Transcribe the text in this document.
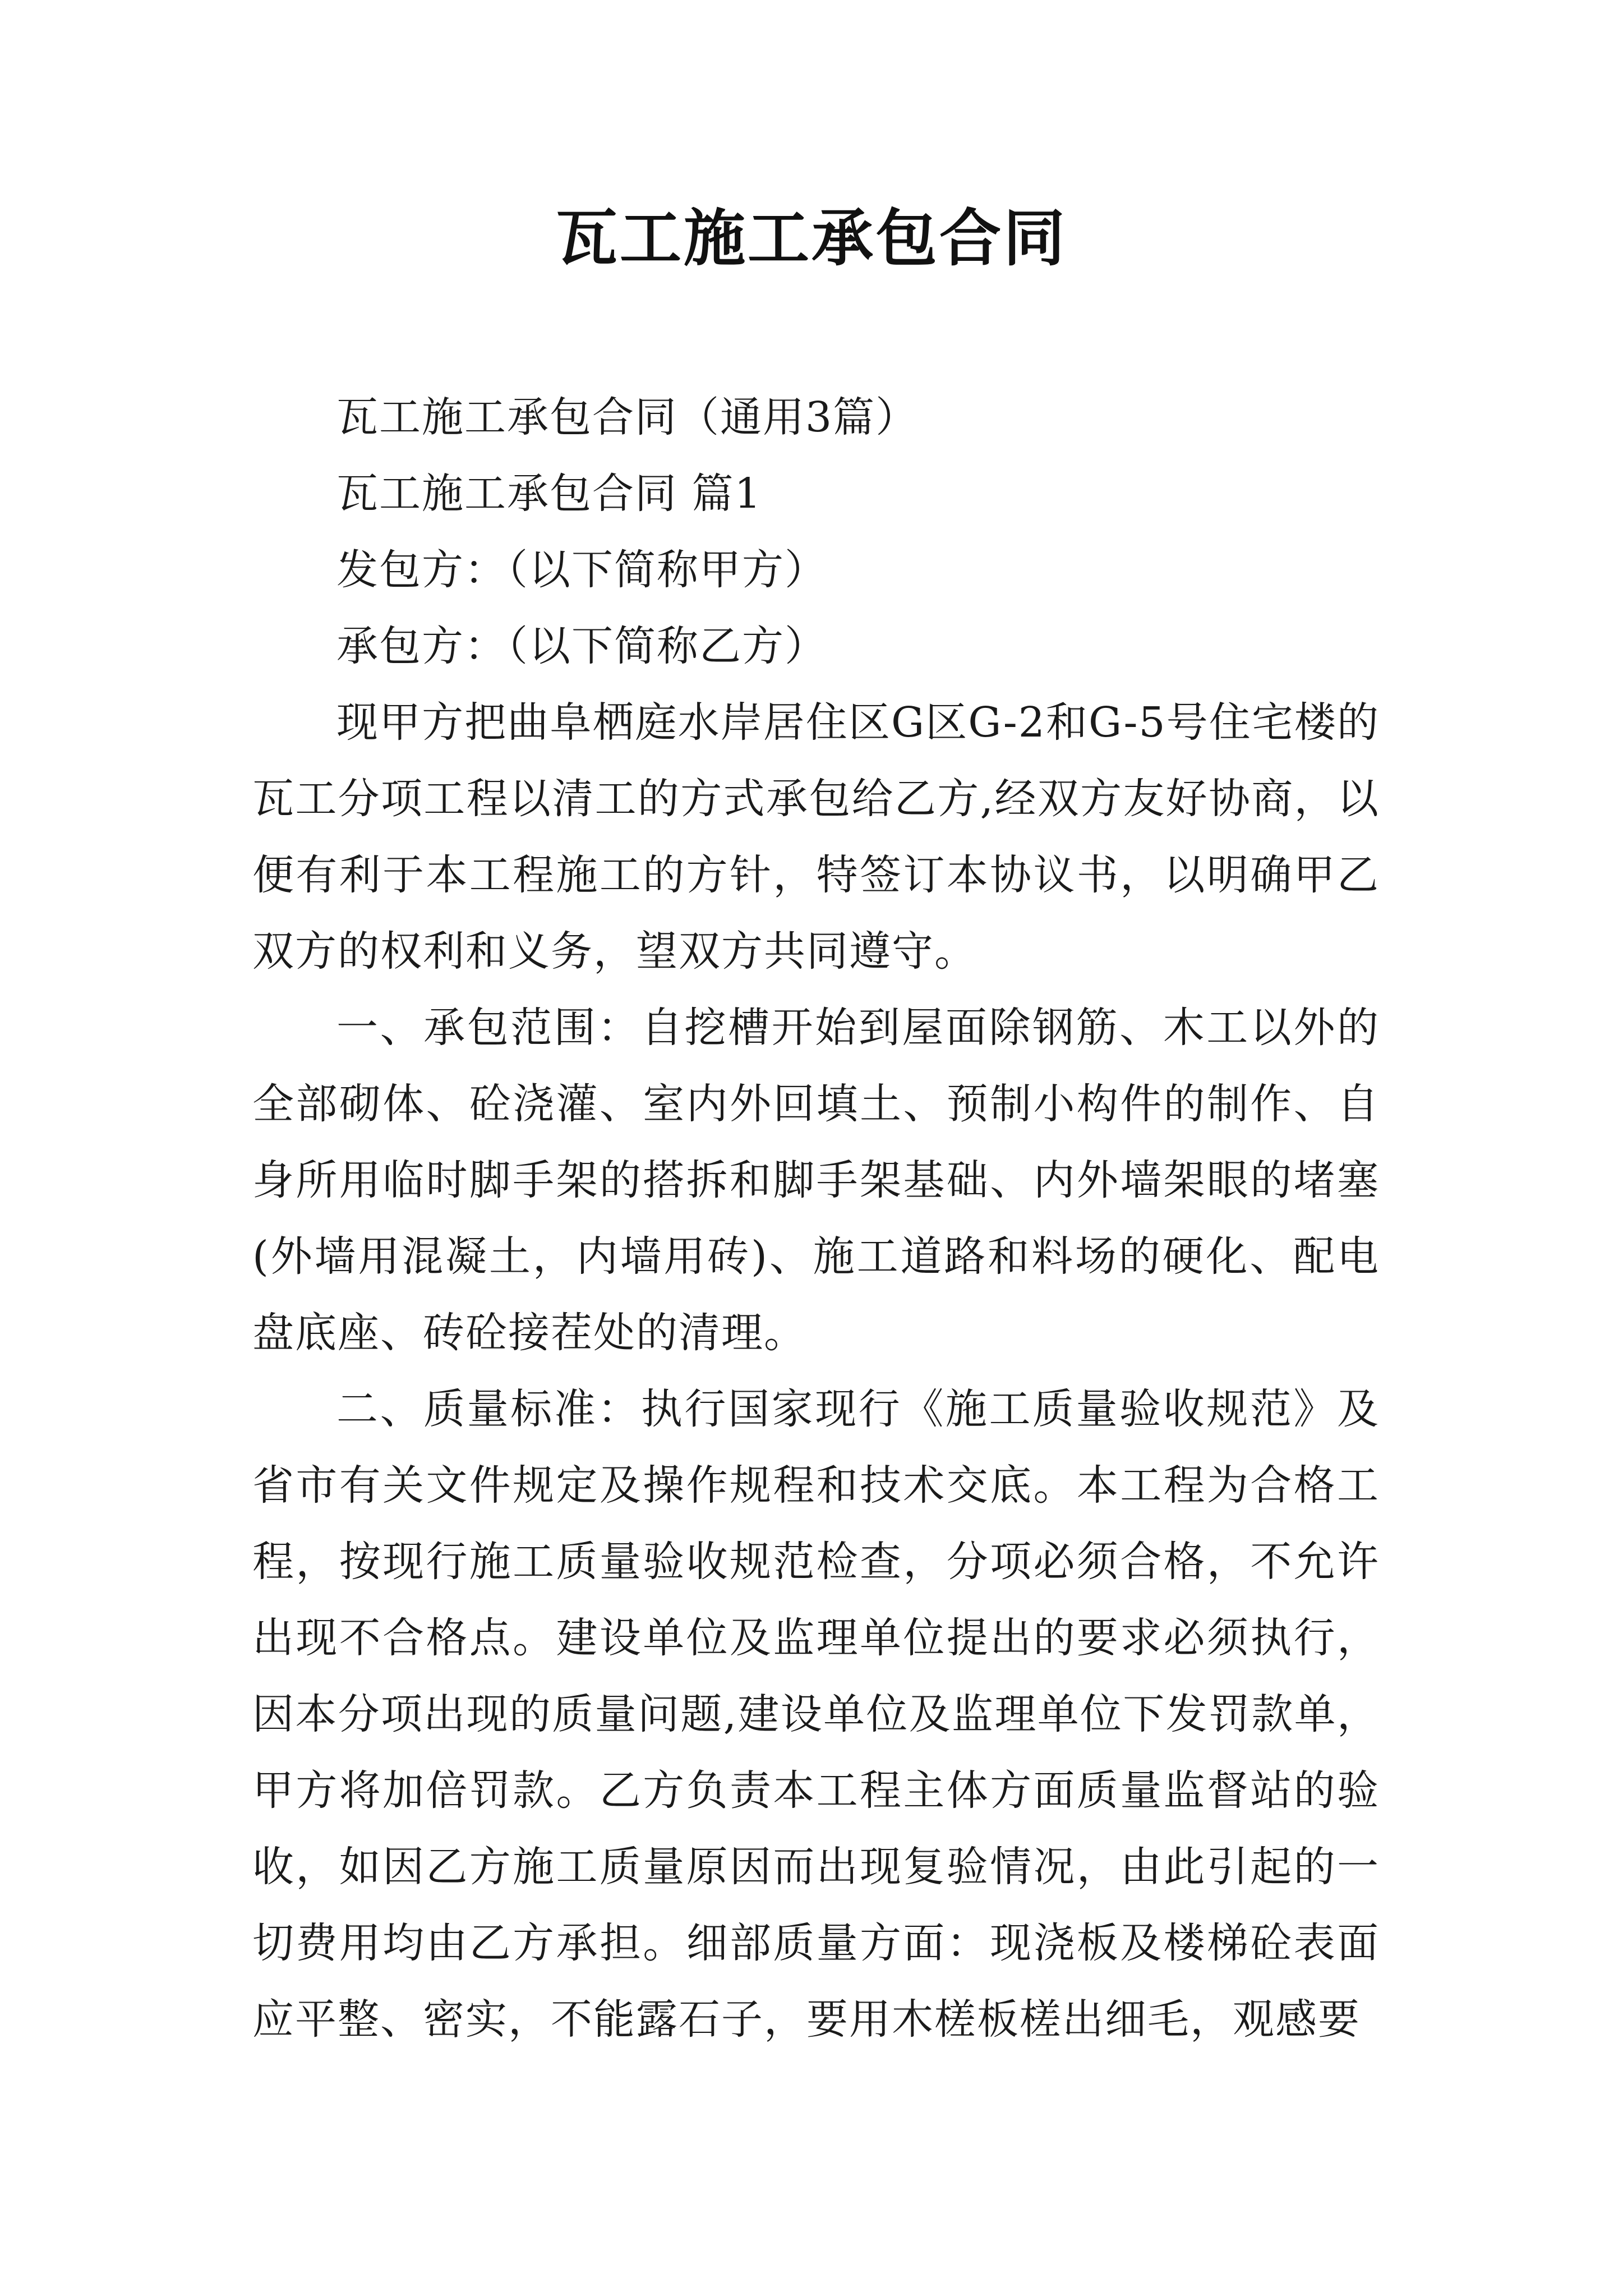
瓦工施工承包合同
瓦工施工承包合同（通用3篇）
瓦工施工承包合同 篇1
发包方：（以下简称甲方）
承包方：（以下简称乙方）
现甲方把曲阜栖庭水岸居住区G区G-2和G-5号住宅楼的瓦工分项工程以清工的方式承包给乙方,经双方友好协商，以便有利于本工程施工的方针，特签订本协议书，以明确甲乙双方的权利和义务，望双方共同遵守。
一、承包范围：自挖槽开始到屋面除钢筋、木工以外的全部砌体、砼浇灌、室内外回填土、预制小构件的制作、自身所用临时脚手架的搭拆和脚手架基础、内外墙架眼的堵塞(外墙用混凝土，内墙用砖)、施工道路和料场的硬化、配电盘底座、砖砼接茬处的清理。
二、质量标准：执行国家现行《施工质量验收规范》及省市有关文件规定及操作规程和技术交底。本工程为合格工程，按现行施工质量验收规范检查，分项必须合格，不允许出现不合格点。建设单位及监理单位提出的要求必须执行，因本分项出现的质量问题,建设单位及监理单位下发罚款单，甲方将加倍罚款。乙方负责本工程主体方面质量监督站的验收，如因乙方施工质量原因而出现复验情况，由此引起的一切费用均由乙方承担。细部质量方面：现浇板及楼梯砼表面应平整、密实，不能露石子，要用木槎板槎出细毛，观感要
